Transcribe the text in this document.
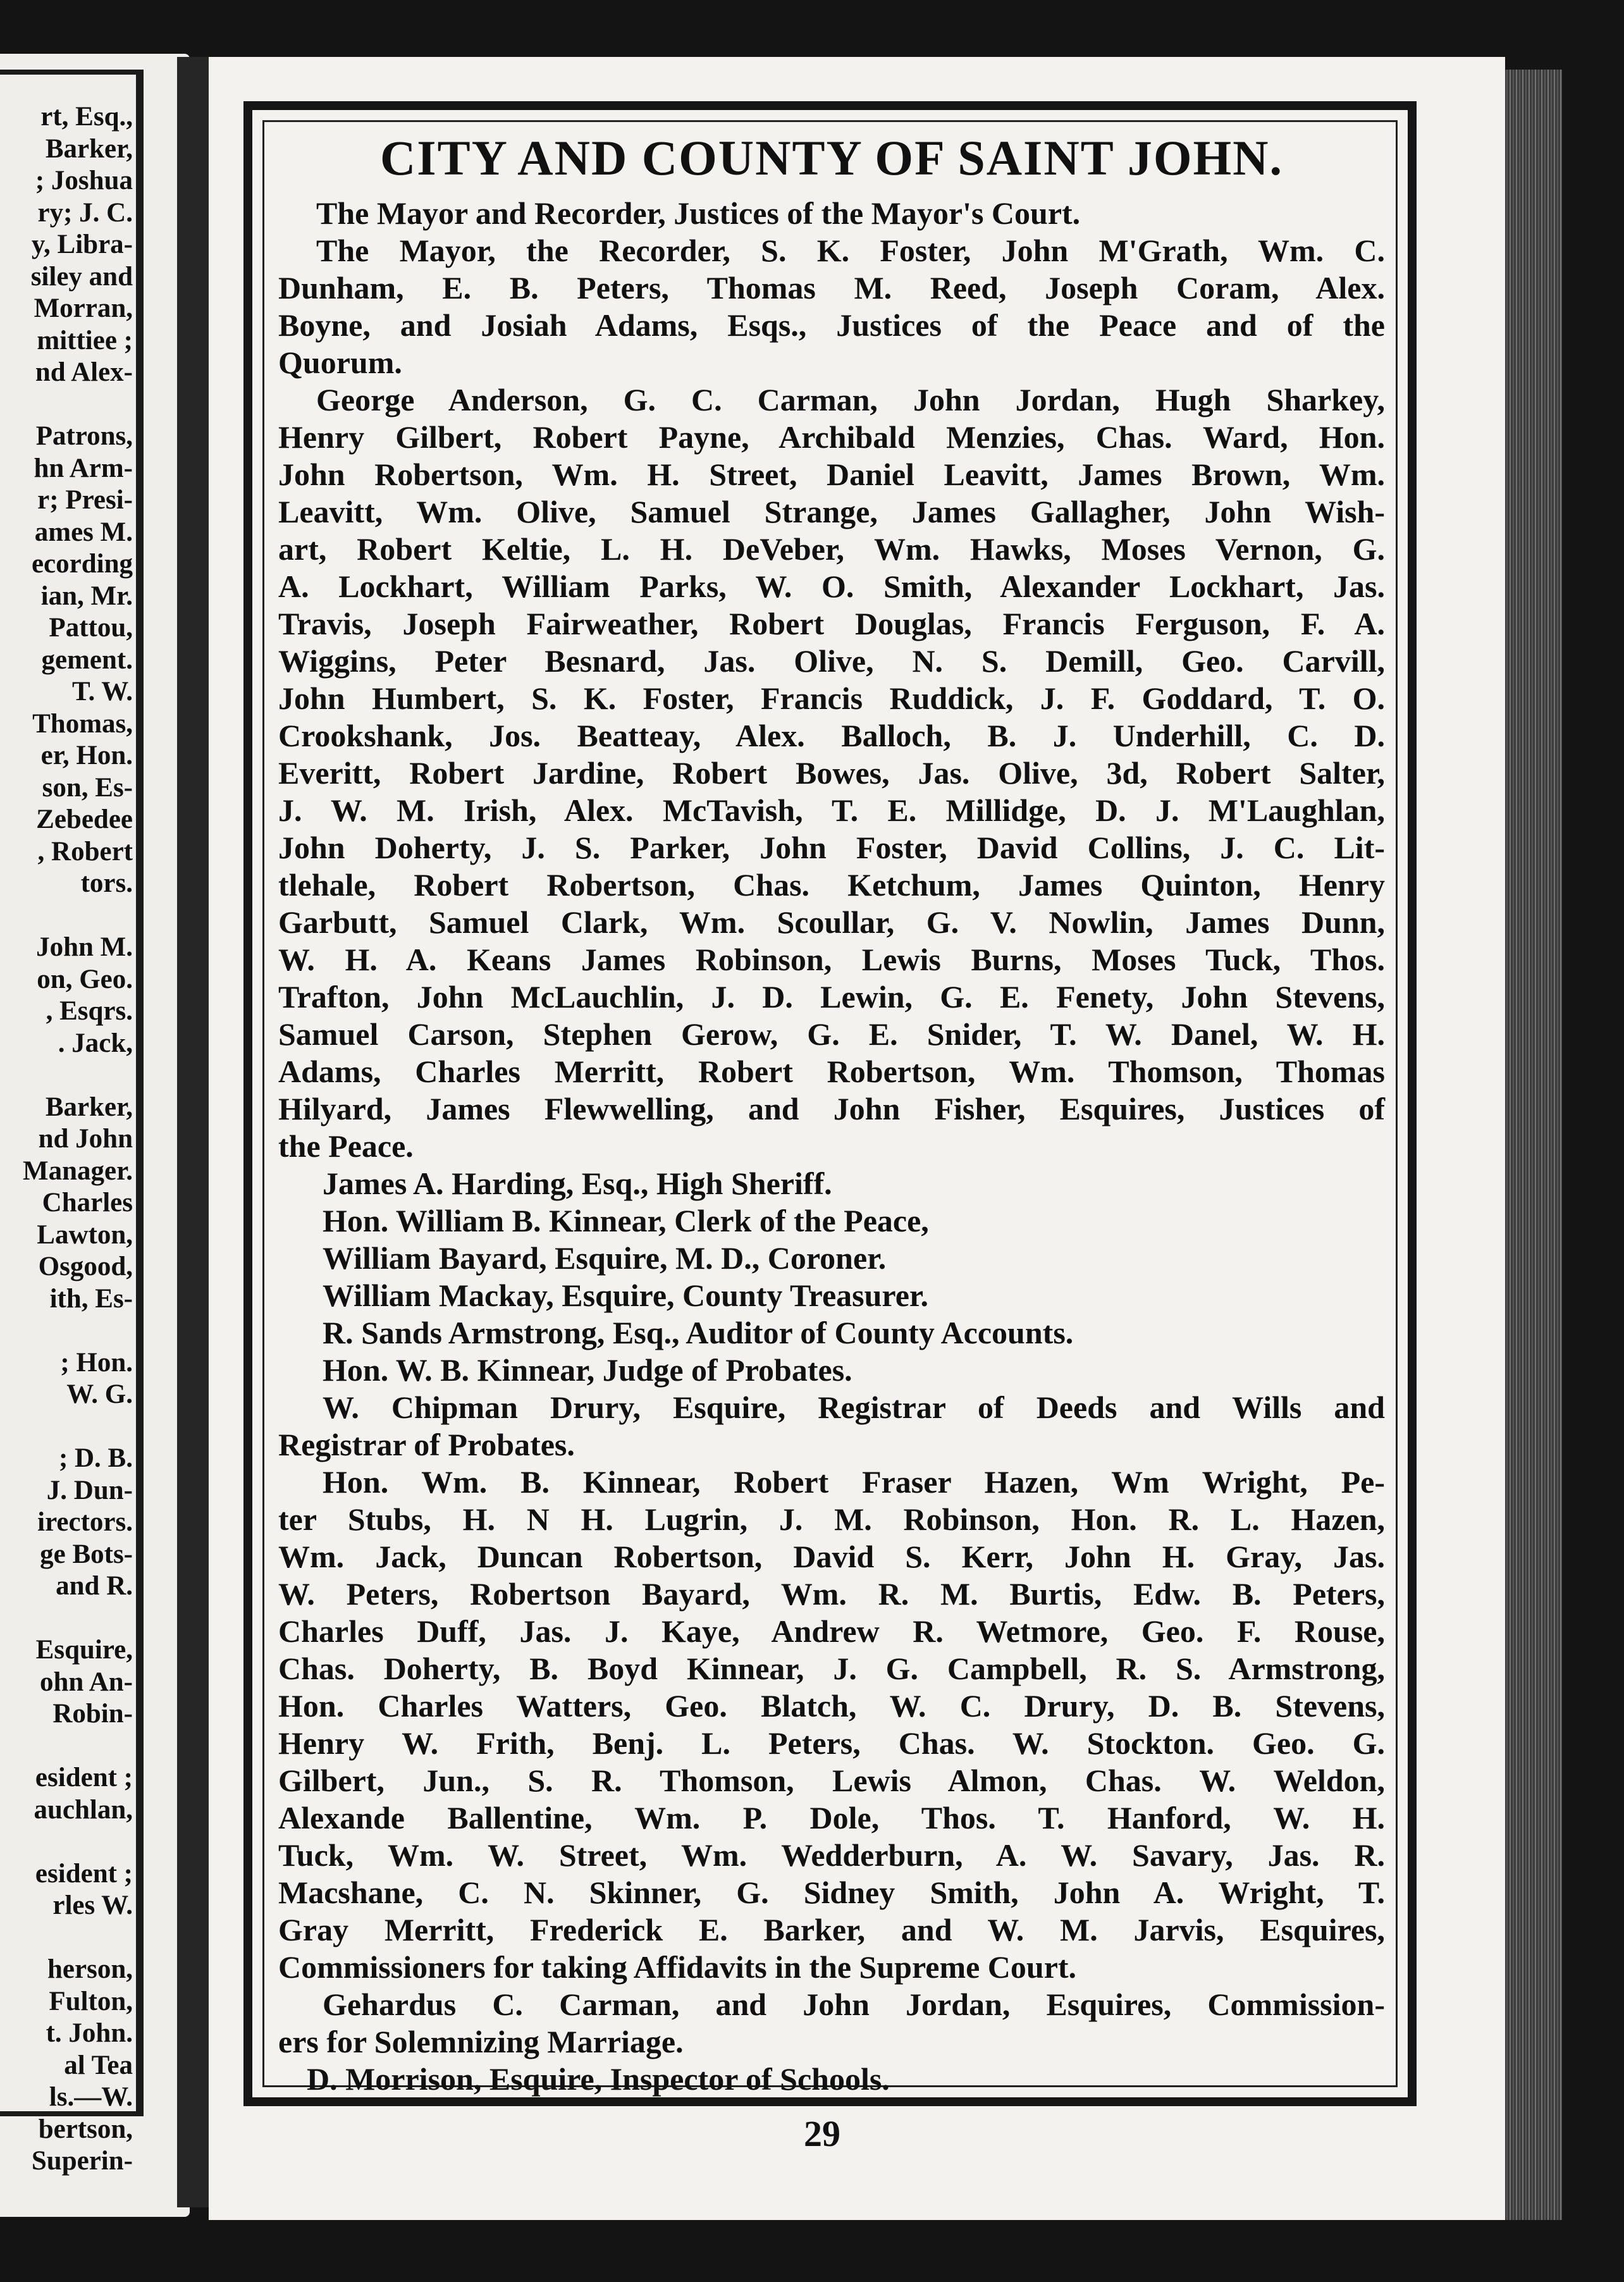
rt, Esq.,
Barker,
; Joshua
ry; J. C.
y, Libra-
siley and
Morran,
mittiee ;
nd Alex-
Patrons,
hn Arm-
r; Presi-
ames M.
ecording
ian, Mr.
Pattou,
gement.
T. W.
Thomas,
er, Hon.
son, Es-
Zebedee
, Robert
tors.
John M.
on, Geo.
, Esqrs.
. Jack,
Barker,
nd John
Manager.
Charles
Lawton,
Osgood,
ith, Es-
; Hon.
W. G.
; D. B.
J. Dun-
irectors.
ge Bots-
and R.
Esquire,
ohn An-
Robin-
esident ;
auchlan,
esident ;
rles W.
herson,
Fulton,
t. John.
al Tea
ls.—W.
bertson,
Superin-
CITY AND COUNTY OF SAINT JOHN.
The Mayor and Recorder, Justices of the Mayor's Court.
The Mayor, the Recorder, S. K. Foster, John M'Grath, Wm. C.
Dunham, E. B. Peters, Thomas M. Reed, Joseph Coram, Alex.
Boyne, and Josiah Adams, Esqs., Justices of the Peace and of the
Quorum.
George Anderson, G. C. Carman, John Jordan, Hugh Sharkey,
Henry Gilbert, Robert Payne, Archibald Menzies, Chas. Ward, Hon.
John Robertson, Wm. H. Street, Daniel Leavitt, James Brown, Wm.
Leavitt, Wm. Olive, Samuel Strange, James Gallagher, John Wish-
art, Robert Keltie, L. H. DeVeber, Wm. Hawks, Moses Vernon, G.
A. Lockhart, William Parks, W. O. Smith, Alexander Lockhart, Jas.
Travis, Joseph Fairweather, Robert Douglas, Francis Ferguson, F. A.
Wiggins, Peter Besnard, Jas. Olive, N. S. Demill, Geo. Carvill,
John Humbert, S. K. Foster, Francis Ruddick, J. F. Goddard, T. O.
Crookshank, Jos. Beatteay, Alex. Balloch, B. J. Underhill, C. D.
Everitt, Robert Jardine, Robert Bowes, Jas. Olive, 3d, Robert Salter,
J. W. M. Irish, Alex. McTavish, T. E. Millidge, D. J. M'Laughlan,
John Doherty, J. S. Parker, John Foster, David Collins, J. C. Lit-
tlehale, Robert Robertson, Chas. Ketchum, James Quinton, Henry
Garbutt, Samuel Clark, Wm. Scoullar, G. V. Nowlin, James Dunn,
W. H. A. Keans James Robinson, Lewis Burns, Moses Tuck, Thos.
Trafton, John McLauchlin, J. D. Lewin, G. E. Fenety, John Stevens,
Samuel Carson, Stephen Gerow, G. E. Snider, T. W. Danel, W. H.
Adams, Charles Merritt, Robert Robertson, Wm. Thomson, Thomas
Hilyard, James Flewwelling, and John Fisher, Esquires, Justices of
the Peace.
James A. Harding, Esq., High Sheriff.
Hon. William B. Kinnear, Clerk of the Peace,
William Bayard, Esquire, M. D., Coroner.
William Mackay, Esquire, County Treasurer.
R. Sands Armstrong, Esq., Auditor of County Accounts.
Hon. W. B. Kinnear, Judge of Probates.
W. Chipman Drury, Esquire, Registrar of Deeds and Wills and
Registrar of Probates.
Hon. Wm. B. Kinnear, Robert Fraser Hazen, Wm Wright, Pe-
ter Stubs, H. N H. Lugrin, J. M. Robinson, Hon. R. L. Hazen,
Wm. Jack, Duncan Robertson, David S. Kerr, John H. Gray, Jas.
W. Peters, Robertson Bayard, Wm. R. M. Burtis, Edw. B. Peters,
Charles Duff, Jas. J. Kaye, Andrew R. Wetmore, Geo. F. Rouse,
Chas. Doherty, B. Boyd Kinnear, J. G. Campbell, R. S. Armstrong,
Hon. Charles Watters, Geo. Blatch, W. C. Drury, D. B. Stevens,
Henry W. Frith, Benj. L. Peters, Chas. W. Stockton. Geo. G.
Gilbert, Jun., S. R. Thomson, Lewis Almon, Chas. W. Weldon,
Alexande Ballentine, Wm. P. Dole, Thos. T. Hanford, W. H.
Tuck, Wm. W. Street, Wm. Wedderburn, A. W. Savary, Jas. R.
Macshane, C. N. Skinner, G. Sidney Smith, John A. Wright, T.
Gray Merritt, Frederick E. Barker, and W. M. Jarvis, Esquires,
Commissioners for taking Affidavits in the Supreme Court.
Gehardus C. Carman, and John Jordan, Esquires, Commission-
ers for Solemnizing Marriage.
D. Morrison, Esquire, Inspector of Schools.
29
